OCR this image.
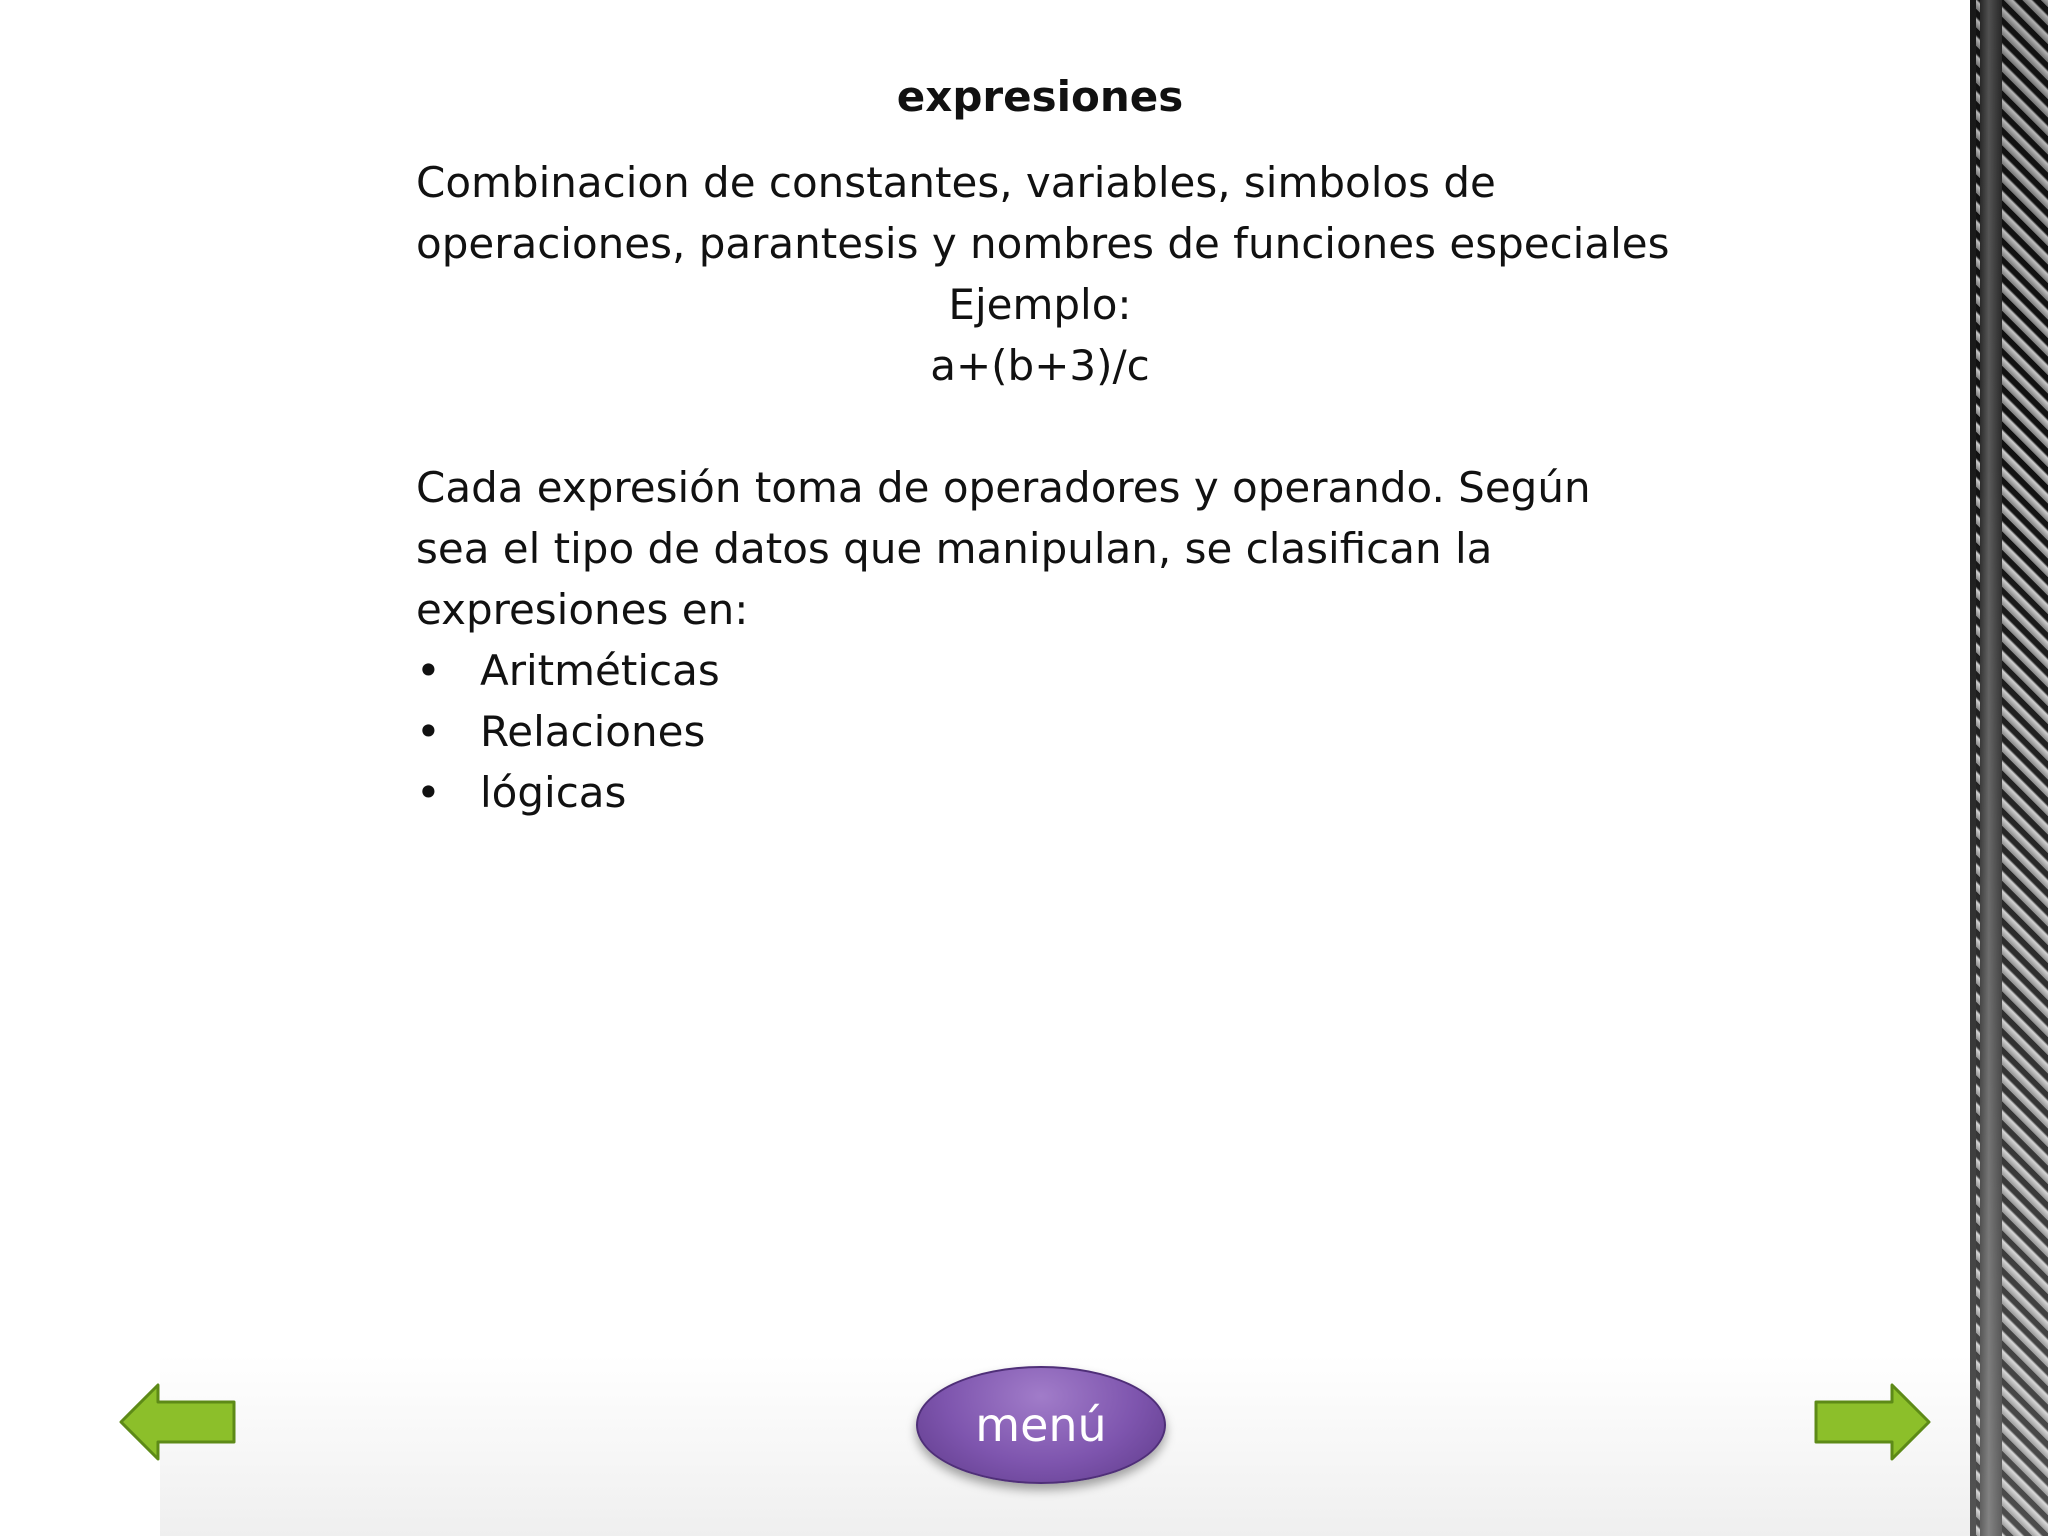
expresiones

Combinacion de constantes, variables, simbolos de

operaciones, parantesis y nombres de funciones especiales

Ejemplo:

a+(b+3)/c

Cada expresión toma de operadores y operando. Según sea el tipo de datos que manipulan, se clasifican la expresiones en:

• Aritméticas
• Relaciones
• lógicas
menú
